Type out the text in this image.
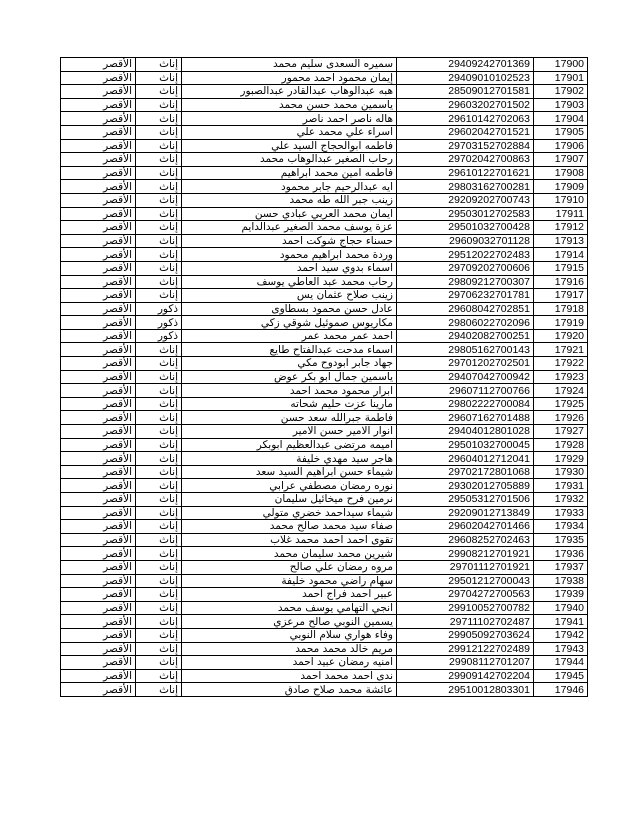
الأقصر	إناث	سميره السعدى سليم محمد	29409242701369	17900
الأقصر	إناث	إيمان محمود احمد محمور	29409010102523	17901
الأقصر	إناث	هبه عبدالوهاب عبدالقادر عبدالصبور	28509012701581	17902
الأقصر	إناث	ياسمين محمد حسن محمد	29603202701502	17903
الأقصر	إناث	هاله ناصر احمد ناصر	29610142702063	17904
الأقصر	إناث	اسراء علي محمد علي	29602042701521	17905
الأقصر	إناث	فاطمه ابوالحجاج السيد علي	29703152702884	17906
الأقصر	إناث	رحاب الصغير عبدالوهاب محمد	29702042700863	17907
الأقصر	إناث	فاطمه امين محمد ابراهيم	29610122701621	17908
الأقصر	إناث	ايه عبدالرحيم جابر محمود	29803162700281	17909
الأقصر	إناث	زينب جبر الله طه محمد	29209202700743	17910
الأقصر	إناث	ايمان محمد العربي عبادي حسن	29503012702583	17911
الأقصر	إناث	عزة يوسف محمد الصغير عبدالدايم	29501032700428	17912
الأقصر	إناث	حسناء حجاج شوكت احمد	29609032701128	17913
الأقصر	إناث	وردة محمد ابراهيم محمود	29512022702483	17914
الأقصر	إناث	اسماء بدوي سيد احمد	29709202700606	17915
الأقصر	إناث	رحاب محمد عبد العاطي يوسف	29809212700307	17916
الأقصر	إناث	زينب صلاح عثمان يس	29706232701781	17917
الأقصر	ذكور	عادل حسن محمود بسطاوى	29608042702851	17918
الأقصر	ذكور	مكاريوس صموئيل شوقي زكي	29806022702096	17919
الأقصر	ذكور	احمد عمر محمد عمر	29402082700251	17920
الأقصر	إناث	اسماء مدحت عبدالفتاح طايع	29805162700143	17921
الأقصر	إناث	جهاد جابر ابودوح مكي	29701202702501	17922
الأقصر	إناث	ياسمين جمال ابو بكر عوض	29407042700942	17923
الأقصر	إناث	ابرار محمود محمد احمد	29607112700766	17924
الأقصر	إناث	مارينا عزت حليم شحاته	29802222700084	17925
الأقصر	إناث	فاطمة جبرالله سعد حسن	29607162701488	17926
الأقصر	إناث	انوار الامير حسن الامير	29404012801028	17927
الأقصر	إناث	اميمه مرتضى عبدالعظيم ابوبكر	29501032700045	17928
الأقصر	إناث	هاجر سيد مهدي خليفة	29604012712041	17929
الأقصر	إناث	شيماء حسن ابراهيم السيد سعد	29702172801068	17930
الأقصر	إناث	نوره رمضان مصطفي عرابي	29302012705889	17931
الأقصر	إناث	نرمين فرح ميخائيل سليمان	29505312701506	17932
الأقصر	إناث	شيماء سيداحمد خضري متولي	29209012713849	17933
الأقصر	إناث	صفاء سيد محمد صالح محمد	29602042701466	17934
الأقصر	إناث	تقوى احمد احمد محمد غلاب	29608252702463	17935
الأقصر	إناث	شيرين محمد سليمان محمد	29908212701921	17936
الأقصر	إناث	مروه رمضان علي صالح	29701112701921	17937
الأقصر	إناث	سهام راضي محمود خليفة	29501212700043	17938
الأقصر	إناث	عبير احمد فراج احمد	29704272700563	17939
الأقصر	إناث	انجي التهامي يوسف محمد	29910052700782	17940
الأقصر	إناث	يسمين النوبي صالح مرعزي	29711102702487	17941
الأقصر	إناث	وفاء هواري سلام النوبي	29905092703624	17942
الأقصر	إناث	مريم خالد محمد محمد	29912122702489	17943
الأقصر	إناث	امنيه رمضان عبيد احمد	29908112701207	17944
الأقصر	إناث	ندى احمد محمد احمد	29909142702204	17945
الأقصر	إناث	عائشة محمد صلاح صادق	29510012803301	17946
